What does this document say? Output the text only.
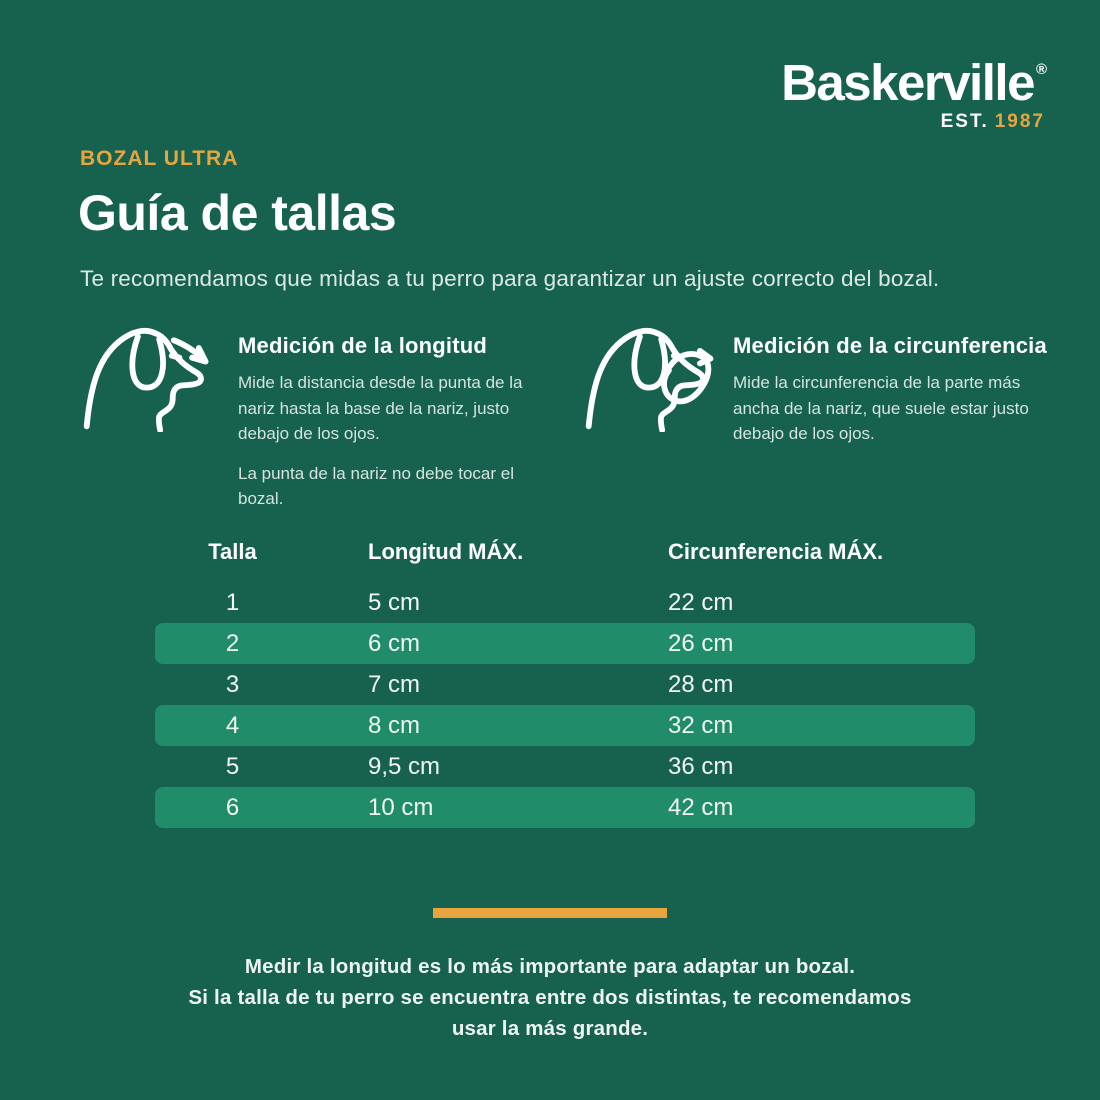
Baskerville ®
EST. 1987
BOZAL ULTRA
Guía de tallas
Te recomendamos que midas a tu perro para garantizar un ajuste correcto del bozal.
Medición de la longitud

Mide la distancia desde la punta de la nariz hasta la base de la nariz, justo debajo de los ojos.

La punta de la nariz no debe tocar el bozal.

Medición de la circunferencia

Mide la circunferencia de la parte más ancha de la nariz, que suele estar justo debajo de los ojos.

Talla	Longitud MÁX.	Circunferencia MÁX.
1	5 cm	22 cm
2	6 cm	26 cm
3	7 cm	28 cm
4	8 cm	32 cm
5	9,5 cm	36 cm
6	10 cm	42 cm
Medir la longitud es lo más importante para adaptar un bozal.
Si la talla de tu perro se encuentra entre dos distintas, te recomendamos
usar la más grande.
